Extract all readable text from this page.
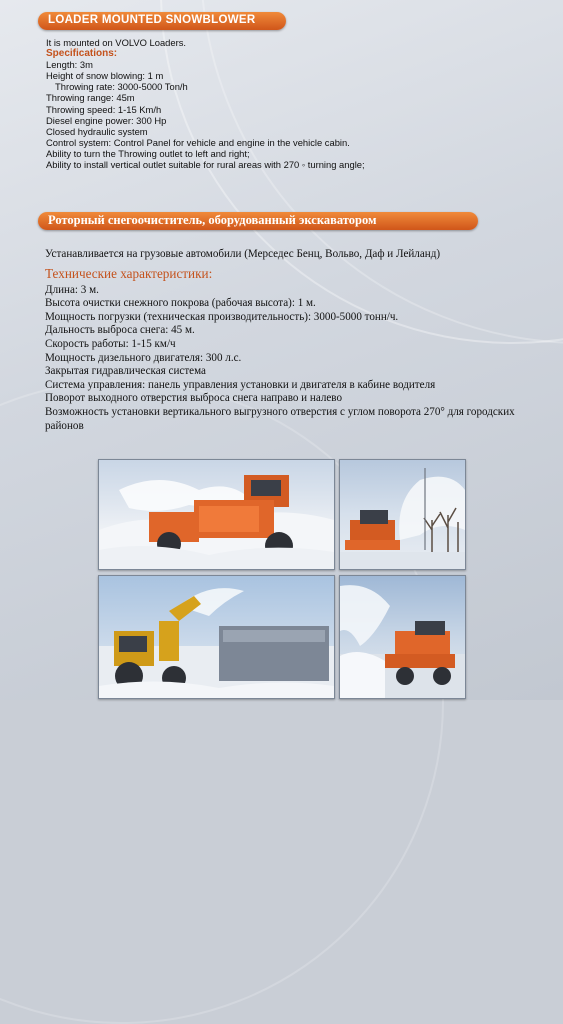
LOADER MOUNTED SNOWBLOWER
It is mounted on VOLVO Loaders.
Specifications:
Length: 3m
Height of snow blowing: 1 m
Throwing rate: 3000-5000 Ton/h
Throwing range: 45m
Throwing speed: 1-15 Km/h
Diesel engine power: 300 Hp
Closed hydraulic system
Control system: Control Panel for vehicle and engine in the vehicle cabin.
Ability to turn the Throwing outlet to left and right;
Ability to install vertical outlet suitable for rural areas with 270 ◦ turning angle;
Роторный снегоочиститель, оборудованный экскаватором
Устанавливается на грузовые автомобили (Мерседес Бенц, Вольво, Даф и Лейланд)
Технические характеристики:
Длина: 3 м.
Высота очистки снежного покрова (рабочая высота): 1 м.
Мощность погрузки (техническая производительность): 3000-5000 тонн/ч.
Дальность выброса снега: 45 м.
Скорость работы: 1-15 км/ч
Мощность дизельного двигателя: 300 л.с.
Закрытая гидравлическая система
Система управления: панель управления установки и двигателя в кабине водителя
Поворот выходного отверстия выброса снега направо и налево
Возможность установки вертикального выгрузного отверстия с углом поворота 270° для городских районов
